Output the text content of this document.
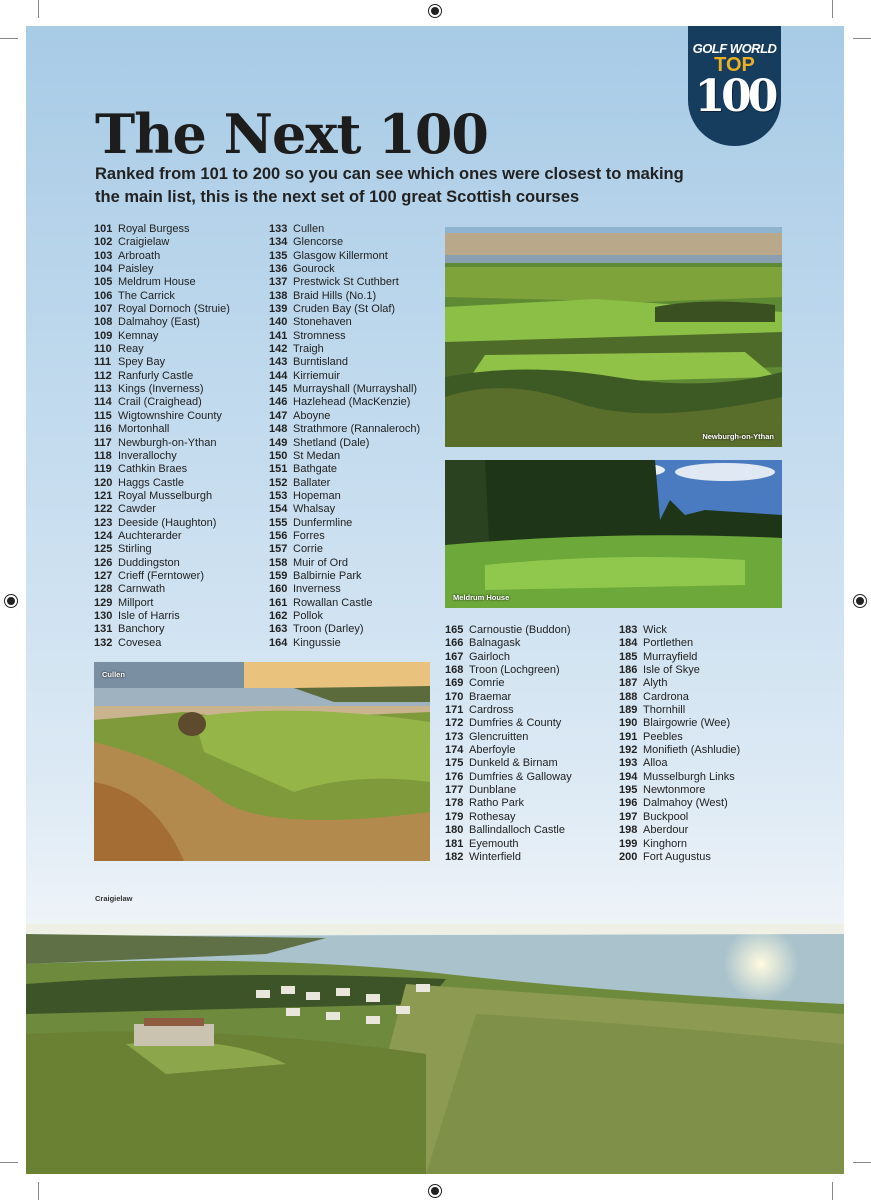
GOLF WORLD
TOP
100
The Next 100
Ranked from 101 to 200 so you can see which ones were closest to making the main list, this is the next set of 100 great Scottish courses
101 Royal Burgess
102 Craigielaw
103 Arbroath
104 Paisley
105 Meldrum House
106 The Carrick
107 Royal Dornoch (Struie)
108 Dalmahoy (East)
109 Kemnay
110 Reay
111 Spey Bay
112 Ranfurly Castle
113 Kings (Inverness)
114 Crail (Craighead)
115 Wigtownshire County
116 Mortonhall
117 Newburgh-on-Ythan
118 Inverallochy
119 Cathkin Braes
120 Haggs Castle
121 Royal Musselburgh
122 Cawder
123 Deeside (Haughton)
124 Auchterarder
125 Stirling
126 Duddingston
127 Crieff (Ferntower)
128 Carnwath
129 Millport
130 Isle of Harris
131 Banchory
132 Covesea
133 Cullen
134 Glencorse
135 Glasgow Killermont
136 Gourock
137 Prestwick St Cuthbert
138 Braid Hills (No.1)
139 Cruden Bay (St Olaf)
140 Stonehaven
141 Stromness
142 Traigh
143 Burntisland
144 Kirriemuir
145 Murrayshall (Murrayshall)
146 Hazlehead (MacKenzie)
147 Aboyne
148 Strathmore (Rannaleroch)
149 Shetland (Dale)
150 St Medan
151 Bathgate
152 Ballater
153 Hopeman
154 Whalsay
155 Dunfermline
156 Forres
157 Corrie
158 Muir of Ord
159 Balbirnie Park
160 Inverness
161 Rowallan Castle
162 Pollok
163 Troon (Darley)
164 Kingussie
165 Carnoustie (Buddon)
166 Balnagask
167 Gairloch
168 Troon (Lochgreen)
169 Comrie
170 Braemar
171 Cardross
172 Dumfries & County
173 Glencruitten
174 Aberfoyle
175 Dunkeld & Birnam
176 Dumfries & Galloway
177 Dunblane
178 Ratho Park
179 Rothesay
180 Ballindalloch Castle
181 Eyemouth
182 Winterfield
183 Wick
184 Portlethen
185 Murrayfield
186 Isle of Skye
187 Alyth
188 Cardrona
189 Thornhill
190 Blairgowrie (Wee)
191 Peebles
192 Monifieth (Ashludie)
193 Alloa
194 Musselburgh Links
195 Newtonmore
196 Dalmahoy (West)
197 Buckpool
198 Aberdour
199 Kinghorn
200 Fort Augustus
Newburgh-on-Ythan
Meldrum House
Cullen
Craigielaw
